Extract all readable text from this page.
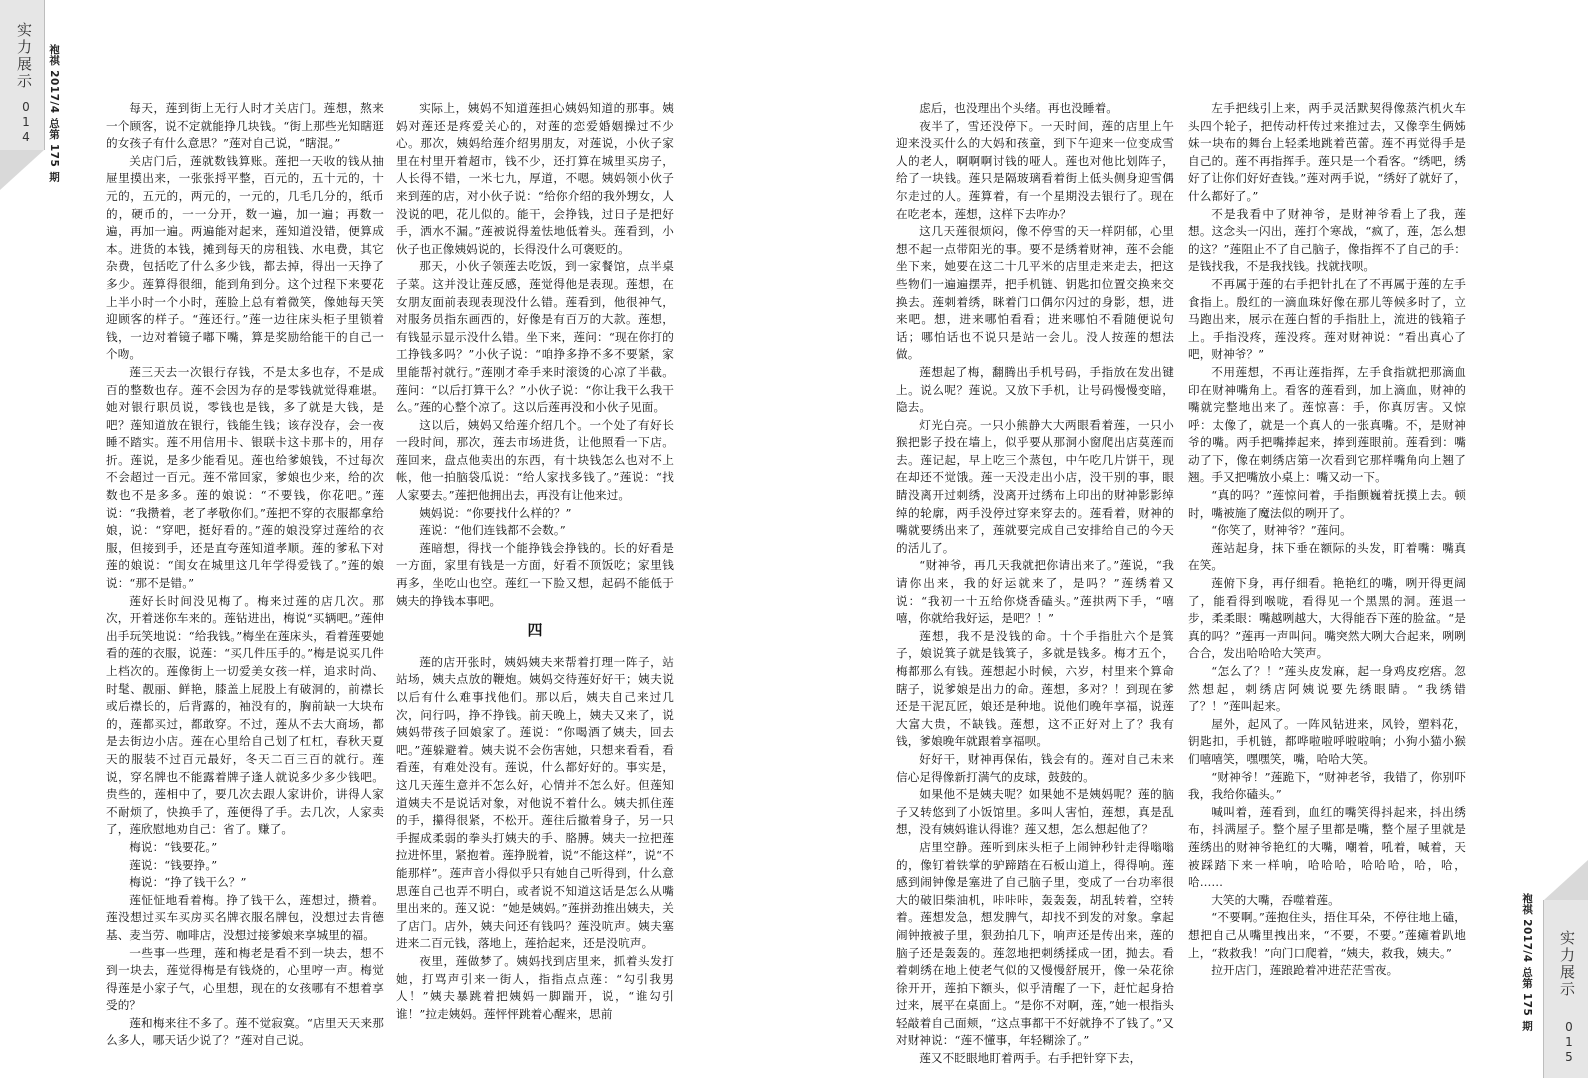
实力展示
014 袍祺 2017/4 总第 175 期	每天，莲到街上无行人时才关店门。莲想，熬来一个顾客，说不定就能挣几块钱。“街上那些光知瞎逛的女孩子有什么意思？”莲对自己说，“瞎混。”

关店门后，莲就数钱算账。莲把一天收的钱从抽屉里摸出来，一张张捋平整，百元的，五十元的，十元的，五元的，两元的，一元的，几毛几分的，纸币的，硬币的，一一分开，数一遍，加一遍；再数一遍，再加一遍。两遍能对起来，莲知道没错，便算成本。进货的本钱，摊到每天的房租钱、水电费，其它杂费，包括吃了什么多少钱，都去掉，得出一天挣了多少。莲算得很细，能到角到分。这个过程下来要花上半小时一个小时，莲脸上总有着微笑，像她每天笑迎顾客的样子。“莲还行。”莲一边往床头柜子里锁着钱，一边对着镜子嘟下嘴，算是奖励给能干的自己一个吻。

莲三天去一次银行存钱，不是太多也存，不是成百的整数也存。莲不会因为存的是零钱就觉得难堪。她对银行职员说，零钱也是钱，多了就是大钱，是吧？莲知道放在银行，钱能生钱；该存没存，会一夜睡不踏实。莲不用信用卡、银联卡这卡那卡的，用存折。莲说，是多少能看见。莲也给爹娘钱，不过每次不会超过一百元。莲不常回家，爹娘也少来，给的次数也不是多多。莲的娘说：“不要钱，你花吧。”莲说：“我攒着，老了孝敬你们。”莲把不穿的衣服都拿给娘，说：“穿吧，挺好看的。”莲的娘没穿过莲给的衣服，但接到手，还是直夸莲知道孝顺。莲的爹私下对莲的娘说：“闺女在城里这几年学得爱钱了。”莲的娘说：“那不是错。”

莲好长时间没见梅了。梅来过莲的店几次。那次，开着迷你车来的。莲钻进出，梅说“买辆吧。”莲伸出手玩笑地说：“给我钱。”梅坐在莲床头，看着莲要她看的莲的衣服，说莲：“买几件压手的。”梅是说买几件上档次的。莲像街上一切爱美女孩一样，追求时尚、时髦、靓丽、鲜艳，膝盖上屁股上有破洞的，前襟长或后襟长的，后背露的，袖没有的，胸前缺一大块布的，莲都买过，都敢穿。不过，莲从不去大商场，都是去街边小店。莲在心里给自己划了杠杠，春秋天夏天的服装不过百元最好，冬天二百三百的就行。莲说，穿名牌也不能露着牌子逢人就说多少多少钱吧。贵些的，莲相中了，要几次去跟人家讲价，讲得人家不耐烦了，快换手了，莲便得了手。去几次，人家卖了，莲欣慰地劝自己：省了。赚了。

梅说：“钱要花。”

莲说：“钱要挣。”

梅说：“挣了钱干么？”

莲怔怔地看着梅。挣了钱干么，莲想过，攒着。莲没想过买车买房买名牌衣服名牌包，没想过去肯德基、麦当劳、咖啡店，没想过接爹娘来享城里的福。

一些事一些理，莲和梅老是看不到一块去，想不到一块去，莲觉得梅是有钱烧的，心里哼一声。梅觉得莲是小家子气，心里想，现在的女孩哪有不想着享受的？

莲和梅来往不多了。莲不觉寂寞。“店里天天来那么多人，哪天话少说了？”莲对自己说。

实际上，姨妈不知道莲担心姨妈知道的那事。姨妈对莲还是疼爱关心的，对莲的恋爱婚姻操过不少心。那次，姨妈给莲介绍男朋友，对莲说，小伙子家里在村里开着超市，钱不少，还打算在城里买房子，人长得不错，一米七九，厚道，不嗯。姨妈领小伙子来到莲的店，对小伙子说：“给你介绍的我外甥女，人没说的吧，花儿似的。能干，会挣钱，过日子是把好手，洒水不漏。”莲被说得羞怯地低着头。莲看到，小伙子也正像姨妈说的，长得没什么可褒贬的。

那天，小伙子领莲去吃饭，到一家餐馆，点半桌子菜。这并没让莲反感，莲觉得他是表现。莲想，在女朋友面前表现表现没什么错。莲看到，他很神气，对服务员指东画西的，好像是有百万的大款。莲想，有钱显示显示没什么错。坐下来，莲问：“现在你打的工挣钱多吗？”小伙子说：“咱挣多挣不多不要紧，家里能帮衬就行。”莲刚才牵手来时滚烫的心凉了半截。莲问：“以后打算干么？”小伙子说：“你让我干么我干么。”莲的心整个凉了。这以后莲再没和小伙子见面。

这以后，姨妈又给莲介绍几个。一个处了有好长一段时间，那次，莲去市场进货，让他照看一下店。莲回来，盘点他卖出的东西，有十块钱怎么也对不上帐，他一拍脑袋瓜说：“给人家找多钱了。”莲说：“找人家要去。”莲把他拥出去，再没有让他来过。

姨妈说：“你要找什么样的？”

莲说：“他们连钱都不会数。”

莲暗想，得找一个能挣钱会挣钱的。长的好看是一方面，家里有钱是一方面，好看不顶饭吃；家里钱再多，坐吃山也空。莲红一下脸又想，起码不能低于姨夫的挣钱本事吧。

四

莲的店开张时，姨妈姨夫来帮着打理一阵子，站站场，姨夫点放的鞭炮。姨妈交待莲好好干；姨夫说以后有什么难事找他们。那以后，姨夫自己来过几次，问行吗，挣不挣钱。前天晚上，姨夫又来了，说姨妈带孩子回娘家了。莲说：“你喝酒了姨夫，回去吧。”莲躲避着。姨夫说不会伤害她，只想来看看，看看莲，有难处没有。莲说，什么都好好的。事实是，这几天莲生意并不怎么好，心情并不怎么好。但莲知道姨夫不是说话对象，对他说不着什么。姨夫抓住莲的手，攥得很紧，不松开。莲往后撤着身子，另一只手握成柔弱的拳头打姨夫的手、胳膊。姨夫一拉把莲拉进怀里，紧抱着。莲挣脱着，说“不能这样”，说“不能那样”。莲声音小得似乎只有她自己听得到，什么意思莲自己也弄不明白，或者说不知道这话是怎么从嘴里出来的。莲又说：“她是姨妈。”莲拼劲推出姨夫，关了店门。店外，姨夫问还有钱吗？莲没吭声。姨夫塞进来二百元钱，落地上，莲拾起来，还是没吭声。

夜里，莲做梦了。姨妈找到店里来，抓着头发打她，打骂声引来一街人，指指点点莲：“勾引我男人！”姨夫暴跳着把姨妈一脚踹开，说，“谁勾引谁！”拉走姨妈。莲怦怦跳着心醒来，思前

虑后，也没理出个头绪。再也没睡着。

夜半了，雪还没停下。一天时间，莲的店里上午迎来没买什么的大妈和孩童，到下午迎来一位变成雪人的老人，啊啊啊讨钱的哑人。莲也对他比划阵子，给了一块钱。莲只是隔玻璃看着街上低头侧身迎雪偶尔走过的人。莲算着，有一个星期没去银行了。现在在吃老本，莲想，这样下去咋办？

这几天莲很烦闷，像不停雪的天一样阴郁，心里想不起一点带阳光的事。要不是绣着财神，莲不会能坐下来，她要在这二十几平米的店里走来走去，把这些物们一遍遍摆弄，把手机链、钥匙扣位置交换来交换去。莲刺着绣，眯着门口偶尔闪过的身影，想，进来吧。想，进来哪怕看看；进来哪怕不看随便说句话；哪怕话也不说只是站一会儿。没人按莲的想法做。

莲想起了梅，翻腾出手机号码，手指放在发出键上。说么呢？莲说。又放下手机，让号码慢慢变暗，隐去。

灯光白亮。一只小熊静大大两眼看着莲，一只小猴把影子投在墙上，似乎要从那洞小窗爬出店莫莲而去。莲记起，早上吃三个蒸包，中午吃几片饼干，现在却还不觉饿。莲一天没走出小店，没干别的事，眼睛没离开过刺绣，没离开过绣布上印出的财神影影绰绰的轮廓，两手没停过穿来穿去的。莲看着，财神的嘴就要绣出来了，莲就要完成自己安排给自己的今天的活儿了。

“财神爷，再几天我就把你请出来了。”莲说，“我请你出来，我的好运就来了，是吗？”莲绣着又说：“我初一十五给你烧香磕头。”莲拱两下手，“嘻嘻，你就给我好运，是吧？！”

莲想，我不是没钱的命。十个手指肚六个是箕子，娘说箕子就是钱箕子，多就是钱多。梅才五个，梅都那么有钱。莲想起小时候，六岁，村里来个算命瞎子，说爹娘是出力的命。莲想，多对？！到现在爹还是干泥瓦匠，娘还是种地。说他们晚年享福，说莲大富大贵，不缺钱。莲想，这不正好对上了？我有钱，爹娘晚年就跟着享福呗。

好好干，财神再保佑，钱会有的。莲对自己未来信心足得像新打满气的皮球，鼓鼓的。

如果他不是姨夫呢？如果她不是姨妈呢？莲的脑子又转悠到了小饭馆里。多叫人害怕，莲想，真是乱想，没有姨妈谁认得谁？莲又想，怎么想起他了？

店里空静。莲听到床头柜子上闹钟秒针走得嗡嗡的，像钉着铁掌的驴蹄踏在石板山道上，得得响。莲感到闹钟像是塞进了自己脑子里，变成了一台功率很大的破旧柴油机，咔咔咔，轰轰轰，胡乱转着，空转着。莲想发急，想发脾气，却找不到发的对象。拿起闹钟掖被子里，狠劲拍几下，响声还是传出来，莲的脑子还是轰轰的。莲忽地把刺绣揉成一团，抛去。看着刺绣在地上使老气似的又慢慢舒展开，像一朵花徐徐开开，莲拍下额头，似乎清醒了一下，赶忙起身拾过来，展平在桌面上。“是你不对啊，莲，”她一根指头轻敲着自己面颊，“这点事都干不好就挣不了钱了。”又对财神说：“莲不懂事，年轻糊涂了。”

莲又不眨眼地盯着两手。右手把针穿下去，

左手把线引上来，两手灵活默契得像蒸汽机火车头四个轮子，把传动杆传过来推过去，又像孪生俩姊妹一块布的舞台上轻柔地跳着芭蕾。莲不再觉得手是自己的。莲不再指挥手。莲只是一个看客。“绣吧，绣好了让你们好好查钱。”莲对两手说，“绣好了就好了，什么都好了。”

不是我看中了财神爷，是财神爷看上了我，莲想。这念头一闪出，莲打个寒战，“疯了，莲，怎么想的这？”莲阻止不了自己脑子，像指挥不了自己的手：是钱找我，不是我找钱。找就找呗。

不再属于莲的右手把针扎在了不再属于莲的左手食指上。殷红的一滴血珠好像在那儿等候多时了，立马跑出来，展示在莲白皙的手指肚上，流进的钱箱子上。手指没疼，莲没疼。莲对财神说：“看出真心了吧，财神爷？”

不用莲想，不再让莲指挥，左手食指就把那滴血印在财神嘴角上。看客的莲看到，加上滴血，财神的嘴就完整地出来了。莲惊喜：手，你真厉害。又惊呼：太像了，就是一个真人的一张真嘴。不，是财神爷的嘴。两手把嘴捧起来，捧到莲眼前。莲看到：嘴动了下，像在刺绣店第一次看到它那样嘴角向上翘了翘。手又把嘴放小桌上：嘴又动一下。

“真的吗？”莲惊问着，手指颤巍着抚摸上去。顿时，嘴被施了魔法似的咧开了。

“你笑了，财神爷？”莲问。

莲站起身，抹下垂在额际的头发，盯着嘴：嘴真在笑。

莲俯下身，再仔细看。艳艳红的嘴，咧开得更阔了，能看得到喉咙，看得见一个黑黑的洞。莲退一步，柔柔眼：嘴越咧越大，大得能吞下莲的脸盆。“是真的吗？”莲再一声叫问。嘴突然大咧大合起来，咧咧合合，发出哈哈哈大笑声。

“怎么了？！”莲头皮发麻，起一身鸡皮疙瘩。忽然想起，刺绣店阿姨说要先绣眼睛。“我绣错了？！”莲叫起来。

屋外，起风了。一阵风钻进来，风铃，塑料花，钥匙扣，手机链，都哗啦啦呼啦啦响；小狗小猫小猴们嘻嘻笑，嘿嘿笑，嘴，哈哈大笑。

“财神爷！”莲跪下，“财神老爷，我错了，你别吓我，我给你磕头。”

喊叫着，莲看到，血红的嘴笑得抖起来，抖出绣布，抖满屋子。整个屋子里都是嘴，整个屋子里就是莲绣出的财神爷艳红的大嘴，嘲着，吼着，喊着，天被踩踏下来一样响，哈哈哈，哈哈哈，哈，哈，哈……

大笑的大嘴，吞噬着莲。

“不要啊。”莲抱住头，捂住耳朵，不停往地上磕，想把自己从嘴里拽出来，“不要，不要。”莲瘫着趴地上，“救救我！”向门口爬着，“姨夫，救我，姨夫。”

拉开店门，莲踉跄着冲进茫茫雪夜。	袍祺 2017/4 总第 175 期 实力展示
015
